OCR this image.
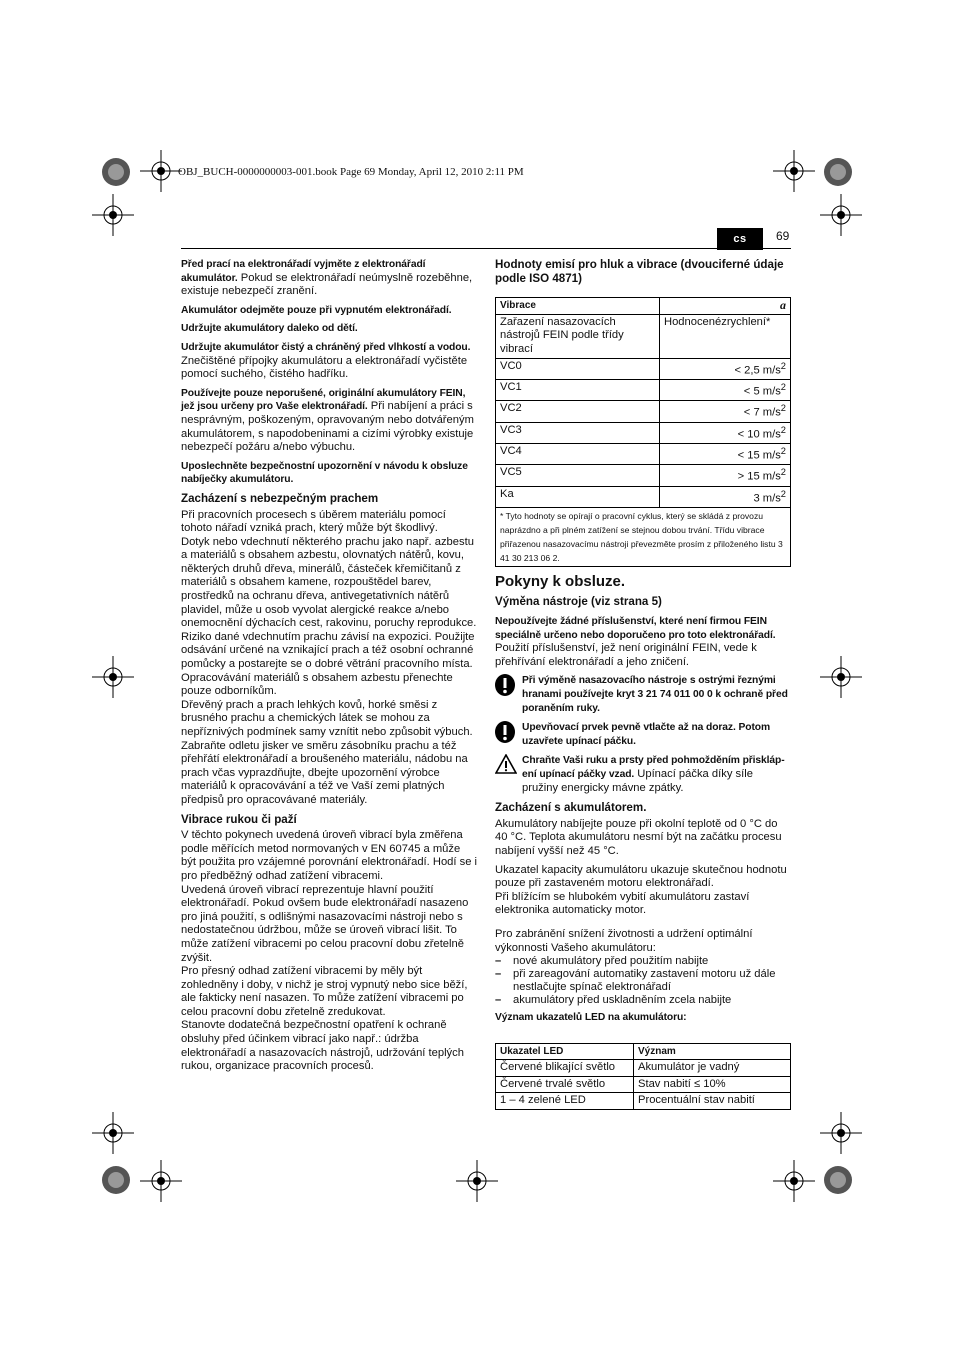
OBJ_BUCH-0000000003-001.book Page 69 Monday, April 12, 2010 2:11 PM
cs	69

Před prací na elektronářadí vyjměte z elektronářadí akumulátor. Pokud se elektronářadí neúmyslně rozeběhne, existuje nebezpečí zranění.

Akumulátor odejměte pouze při vypnutém elektronářadí.

Udržujte akumulátory daleko od dětí.

Udržujte akumulátor čistý a chráněný před vlhkostí a vodou. Znečištěné přípojky akumulátoru a elektronářadí vyčistěte pomocí suchého, čistého hadříku.

Používejte pouze neporušené, originální akumulátory FEIN, jež jsou určeny pro Vaše elektronářadí. Při nabíjení a práci s nesprávným, poškozeným, opravovaným nebo dotvářeným akumulátorem, s napodobeninami a cizími výrobky existuje nebezpečí požáru a/nebo výbuchu.

Uposlechněte bezpečnostní upozornění v návodu k obsluze nabíječky akumulátoru.

Zacházení s nebezpečným prachem
Při pracovních procesech s úběrem materiálu pomocí tohoto nářadí vzniká prach, který může být škodlivý.
Dotyk nebo vdechnutí některého prachu jako např. azbestu a materiálů s obsahem azbestu, olovnatých nátěrů, kovu, některých druhů dřeva, minerálů, částeček křemičitanů z materiálů s obsahem kamene, rozpouštědel barev, prostředků na ochranu dřeva, antivegetativních nátěrů plavidel, může u osob vyvolat alergické reakce a/nebo onemocnění dýchacích cest, rakovinu, poruchy reprodukce. Riziko dané vdechnutím prachu závisí na expozici. Použijte odsávání určené na vznikající prach a též osobní ochranné pomůcky a postarejte se o dobré větrání pracovního místa.
Opracovávání materiálů s obsahem azbestu přenechte pouze odborníkům.
Dřevěný prach a prach lehkých kovů, horké směsi z brusného prachu a chemických látek se mohou za nepříznivých podmínek samy vznítit nebo způsobit výbuch. Zabraňte odletu jisker ve směru zásobníku prachu a též přehřátí elektronářadí a broušeného materiálu, nádobu na prach včas vyprazdňujte, dbejte upozornění výrobce materiálů k opracovávání a též ve Vaší zemi platných předpisů pro opracovávané materiály.
Vibrace rukou či paží
V těchto pokynech uvedená úroveň vibrací byla změřena podle měřících metod normovaných v EN 60745 a může být použita pro vzájemné porovnání elektronářadí. Hodí se i pro předběžný odhad zatížení vibracemi.
Uvedená úroveň vibrací reprezentuje hlavní použití elektronářadí. Pokud ovšem bude elektronářadí nasazeno pro jiná použití, s odlišnými nasazovacími nástroji nebo s nedostatečnou údržbou, může se úroveň vibrací lišit. To může zatížení vibracemi po celou pracovní dobu zřetelně zvýšit.
Pro přesný odhad zatížení vibracemi by měly být zohledněny i doby, v nichž je stroj vypnutý nebo sice běží, ale fakticky není nasazen. To může zatížení vibracemi po celou pracovní dobu zřetelně zredukovat.
Stanovte dodatečná bezpečnostní opatření k ochraně obsluhy před účinkem vibrací jako např.: údržba elektronářadí a nasazovacích nástrojů, udržování teplých rukou, organizace pracovních procesů.
Hodnoty emisí pro hluk a vibrace (dvouciferné údaje podle ISO 4871)
Vibrace	a
Zařazení nasazovacích nástrojů FEIN podle třídy vibrací	Hodnocenézrychlení*
VC0	< 2,5 $m/s^2$
VC1	< 5 $m/s^2$
VC2	< 7 $m/s^2$
VC3	< 10 $m/s^2$
VC4	< 15 $m/s^2$
VC5	> 15 $m/s^2$
Ka	3 $m/s^2$
* Tyto hodnoty se opírají o pracovní cyklus, který se skládá z provozu naprázdno a při plném zatížení se stejnou dobou trvání. Třídu vibrace přiřazenou nasazovacímu nástroji převezměte prosím z přiloženého listu 3 41 30 213 06 2.	
Pokyny k obsluze.
Výměna nástroje (viz strana 5)

Nepoužívejte žádné příslušenství, které není firmou FEIN speciálně určeno nebo doporučeno pro toto elektronářadí. Použití příslušenství, jež není originální FEIN, vede k přehřívání elektronářadí a jeho zničení.

Při výměně nasazovacího nástroje s ostrými řeznými hranami používejte kryt 3 21 74 011 00 0 k ochraně před poraněním ruky.
Upevňovací prvek pevně vtlačte až na doraz. Potom uzavřete upínací páčku.
Chraňte Vaši ruku a prsty před pohmožděním přisklápení upínací páčky vzad. Upínací páčka díky síle pružiny energicky mávne zpátky.
Zacházení s akumulátorem.

Akumulátory nabíjejte pouze při okolní teplotě od 0 °C do 40 °C. Teplota akumulátoru nesmí být na začátku procesu nabíjení vyšší než 45 °C.

Ukazatel kapacity akumulátoru ukazuje skutečnou hodnotu pouze při zastaveném motoru elektronářadí.

Při blížícím se hlubokém vybití akumulátoru zastaví elektronika automaticky motor.

Pro zabránění snížení životnosti a udržení optimální výkonnosti Vašeho akumulátoru:
–	nové akumulátory před použitím nabijte
–	při zareagování automatiky zastavení motoru už dále nestlačujte spínač elektronářadí
–	akumulátory před uskladněním zcela nabijte
Význam ukazatelů LED na akumulátoru:
Ukazatel LED	Význam
Červené blikající světlo	Akumulátor je vadný
Červené trvalé světlo	Stav nabití ≤ 10%
1 – 4 zelené LED	Procentuální stav nabití
